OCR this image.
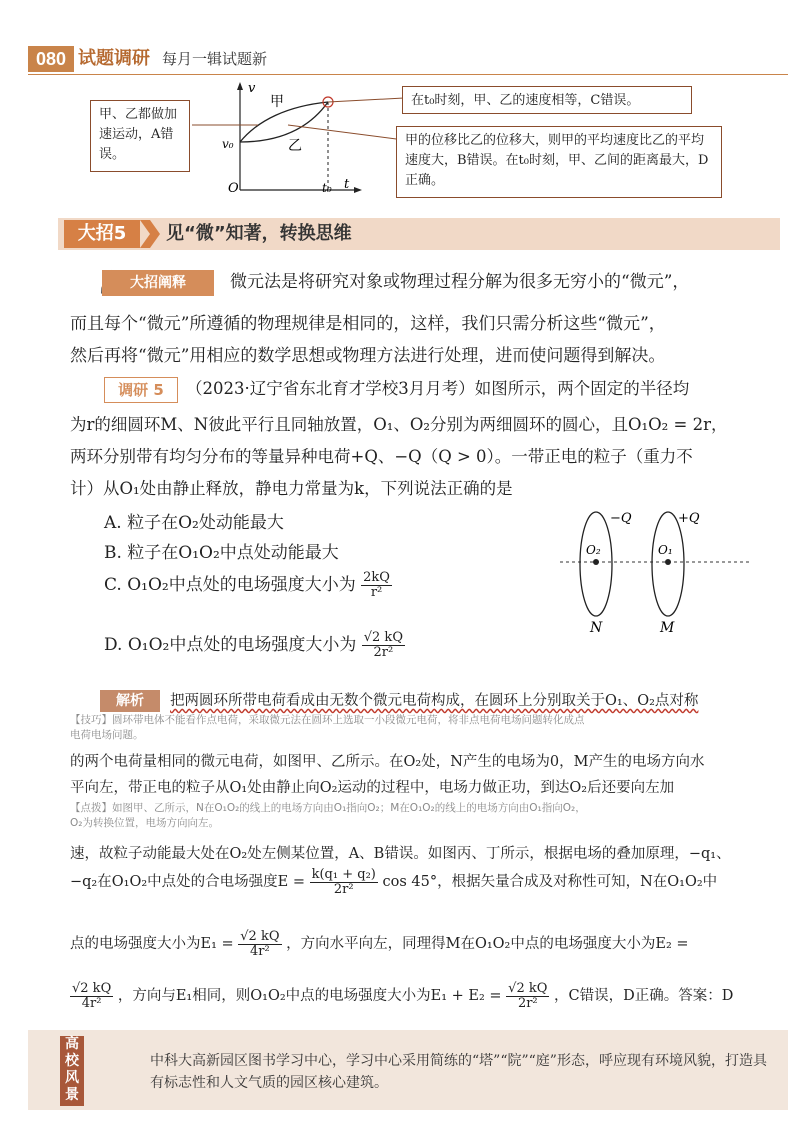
080 试题调研 每月一辑试题新
v
t
O
v₀
t₀
甲
乙
甲、乙都做加速运动，A错误。
在t₀时刻，甲、乙的速度相等，C错误。
甲的位移比乙的位移大，则甲的平均速度比乙的平均速度大，B错误。在t₀时刻，甲、乙间的距离最大，D正确。
大招5	见“微”知著，转换思维
大招阐释	微元法是将研究对象或物理过程分解为很多无穷小的“微元”，
而且每个“微元”所遵循的物理规律是相同的，这样，我们只需分析这些“微元”，
然后再将“微元”用相应的数学思想或物理方法进行处理，进而使问题得到解决。
调研 5	（2023·辽宁省东北育才学校3月月考）如图所示，两个固定的半径均
为r的细圆环M、N彼此平行且同轴放置，O₁、O₂分别为两细圆环的圆心，且O₁O₂ = 2r，
两环分别带有均匀分布的等量异种电荷+Q、−Q（Q > 0）。一带正电的粒子（重力不
计）从O₁处由静止释放，静电力常量为k，下列说法正确的是
A. 粒子在O₂处动能最大
B. 粒子在O₁O₂中点处动能最大
C. O₁O₂中点处的电场强度大小为 $\frac{2kQ}{\text{r²}}$
D. O₁O₂中点处的电场强度大小为 $\frac{√2 kQ}{\text{2r²}}$
−Q	+Q
O₂	O₁
N	M
解析	把两圆环所带电荷看成由无数个微元电荷构成，在圆环上分别取关于O₁、O₂点对称
【技巧】圆环带电体不能看作点电荷，采取微元法在圆环上选取一小段微元电荷，将非点电荷电场问题转化成点
电荷电场问题。
的两个电荷量相同的微元电荷，如图甲、乙所示。在O₂处，N产生的电场为0，M产生的电场方向水
平向左，带正电的粒子从O₁处由静止向O₂运动的过程中，电场力做正功，到达O₂后还要向左加
【点拨】如图甲、乙所示，N在O₁O₂的线上的电场方向由O₁指向O₂；M在O₁O₂的线上的电场方向由O₁指向O₂，
O₂为转换位置，电场方向向左。
速，故粒子动能最大处在O₂处左侧某位置，A、B错误。如图丙、丁所示，根据电场的叠加原理，−q₁、
−q₂在O₁O₂中点处的合电场强度$E = \frac{\text{k(q₁ + q₂)}}{\text{2r²}}$ cos 45°，根据矢量合成及对称性可知，N在O₁O₂中
点的电场强度大小为$E_1 = \frac{√2 kQ}{\text{4r²}}$ ，方向水平向左，同理得M在O₁O₂中点的电场强度大小为E₂ =
$\frac{√2 kQ}{\text{4r²}}$ ，方向与E₁相同，则O₁O₂中点的电场强度大小为$E_1 + E_2 = \frac{√2 kQ}{\text{2r²}}$ ，C错误，D正确。答案：D
高校风景
中科大高新园区图书学习中心，学习中心采用简练的“塔”“院”“庭”形态，呼应现有环境风貌，打造具有标志性和人文气质的园区核心建筑。
